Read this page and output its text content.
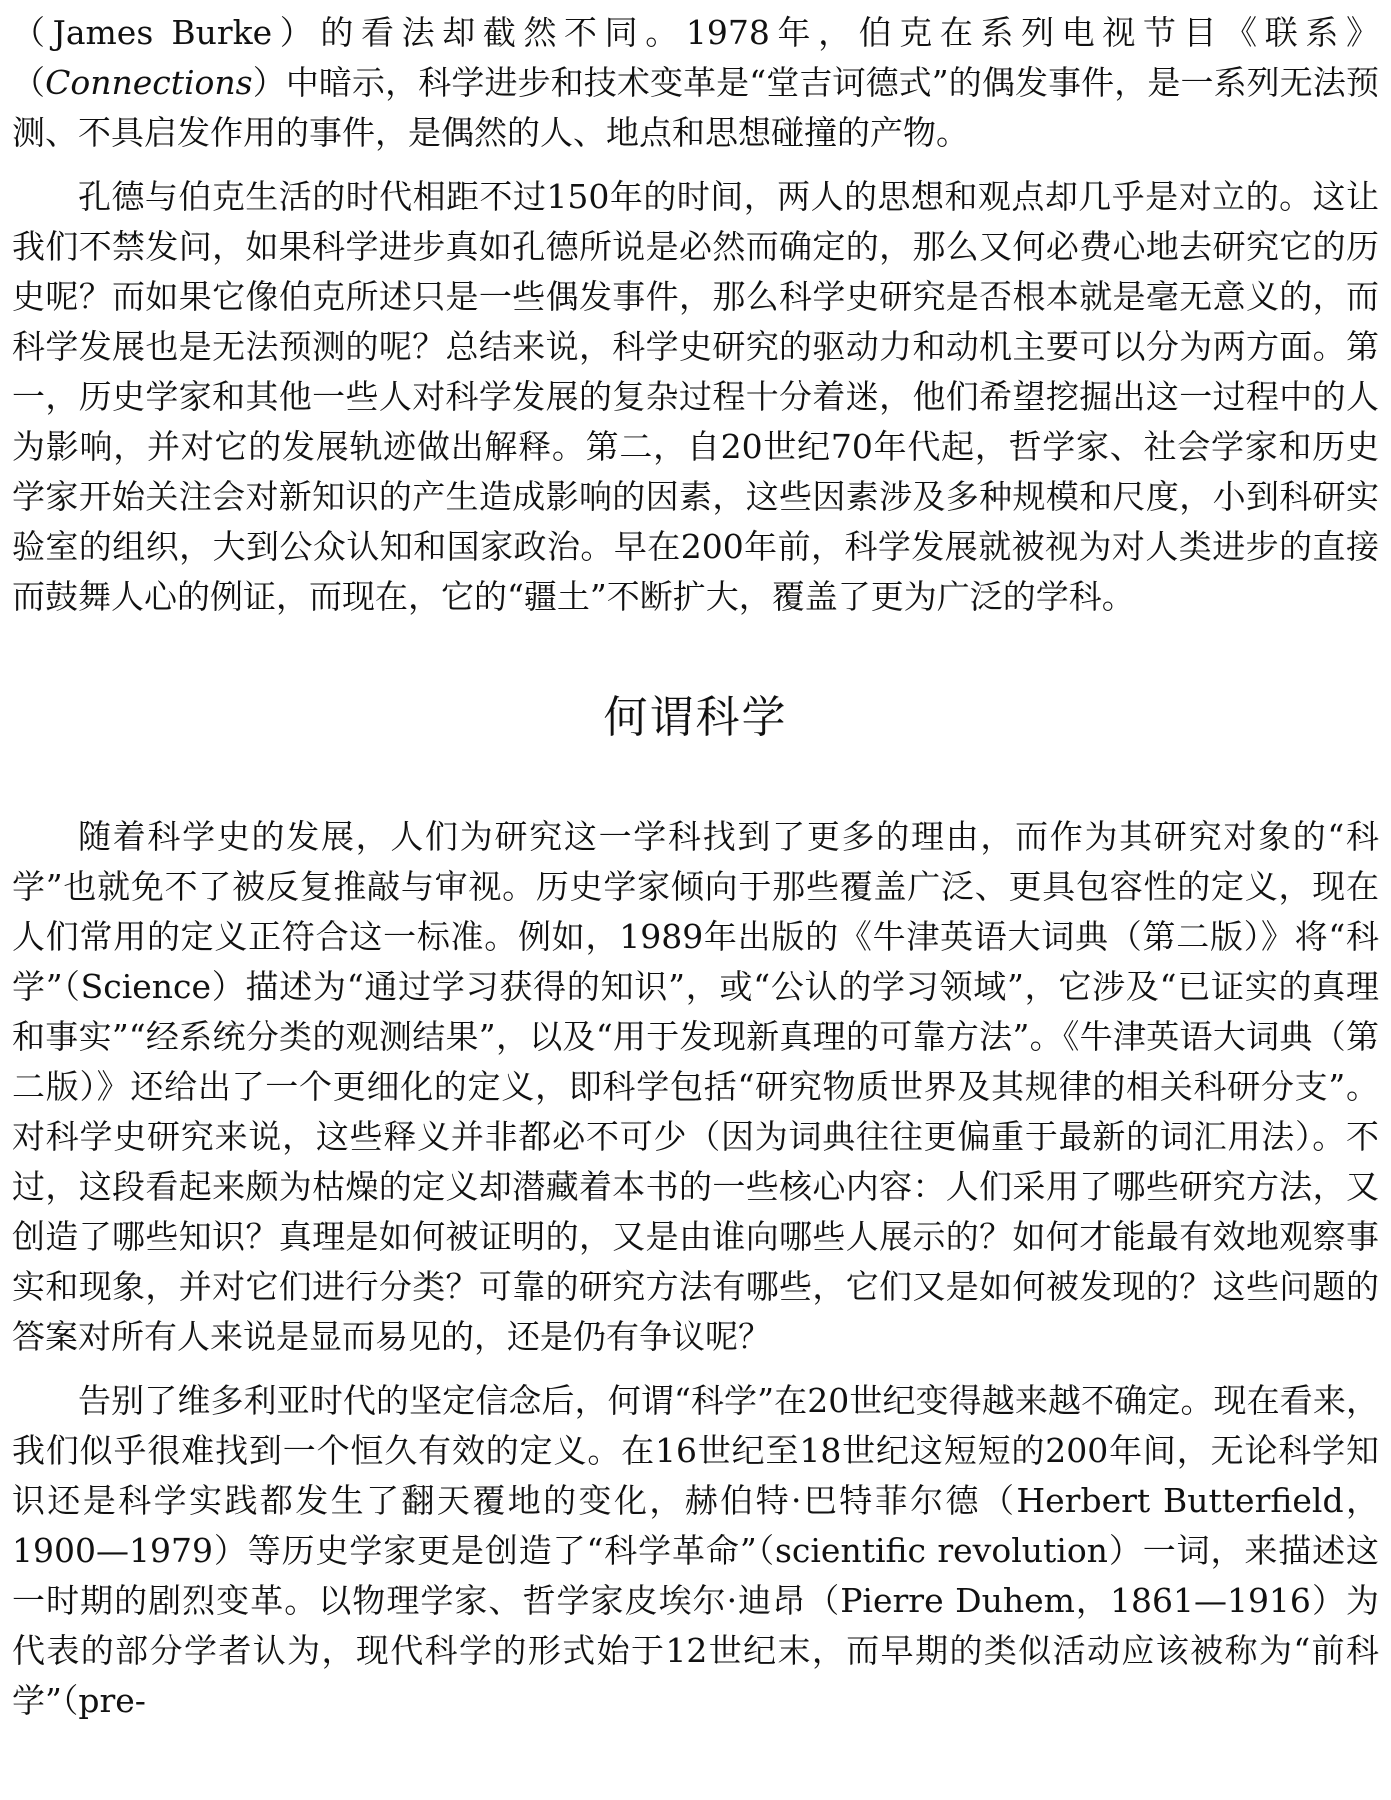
（James Burke）的看法却截然不同。1978年，伯克在系列电视节目《联系》（Connections）中暗示，科学进步和技术变革是“堂吉诃德式”的偶发事件，是一系列无法预测、不具启发作用的事件，是偶然的人、地点和思想碰撞的产物。

孔德与伯克生活的时代相距不过150年的时间，两人的思想和观点却几乎是对立的。这让我们不禁发问，如果科学进步真如孔德所说是必然而确定的，那么又何必费心地去研究它的历史呢？而如果它像伯克所述只是一些偶发事件，那么科学史研究是否根本就是毫无意义的，而科学发展也是无法预测的呢？总结来说，科学史研究的驱动力和动机主要可以分为两方面。第一，历史学家和其他一些人对科学发展的复杂过程十分着迷，他们希望挖掘出这一过程中的人为影响，并对它的发展轨迹做出解释。第二，自20世纪70年代起，哲学家、社会学家和历史学家开始关注会对新知识的产生造成影响的因素，这些因素涉及多种规模和尺度，小到科研实验室的组织，大到公众认知和国家政治。早在200年前，科学发展就被视为对人类进步的直接而鼓舞人心的例证，而现在，它的“疆土”不断扩大，覆盖了更为广泛的学科。

何谓科学

随着科学史的发展，人们为研究这一学科找到了更多的理由，而作为其研究对象的“科学”也就免不了被反复推敲与审视。历史学家倾向于那些覆盖广泛、更具包容性的定义，现在人们常用的定义正符合这一标准。例如，1989年出版的《牛津英语大词典（第二版）》将“科学”（Science）描述为“通过学习获得的知识”，或“公认的学习领域”，它涉及“已证实的真理和事实”“经系统分类的观测结果”，以及“用于发现新真理的可靠方法”。《牛津英语大词典（第二版）》还给出了一个更细化的定义，即科学包括“研究物质世界及其规律的相关科研分支”。对科学史研究来说，这些释义并非都必不可少（因为词典往往更偏重于最新的词汇用法）。不过，这段看起来颇为枯燥的定义却潜藏着本书的一些核心内容：人们采用了哪些研究方法，又创造了哪些知识？真理是如何被证明的，又是由谁向哪些人展示的？如何才能最有效地观察事实和现象，并对它们进行分类？可靠的研究方法有哪些，它们又是如何被发现的？这些问题的答案对所有人来说是显而易见的，还是仍有争议呢？

告别了维多利亚时代的坚定信念后，何谓“科学”在20世纪变得越来越不确定。现在看来，我们似乎很难找到一个恒久有效的定义。在16世纪至18世纪这短短的200年间，无论科学知识还是科学实践都发生了翻天覆地的变化，赫伯特·巴特菲尔德（Herbert Butterfield，1900—1979）等历史学家更是创造了“科学革命”（scientific revolution）一词，来描述这一时期的剧烈变革。以物理学家、哲学家皮埃尔·迪昂（Pierre Duhem，1861—1916）为代表的部分学者认为，现代科学的形式始于12世纪末，而早期的类似活动应该被称为“前科学”（pre-
